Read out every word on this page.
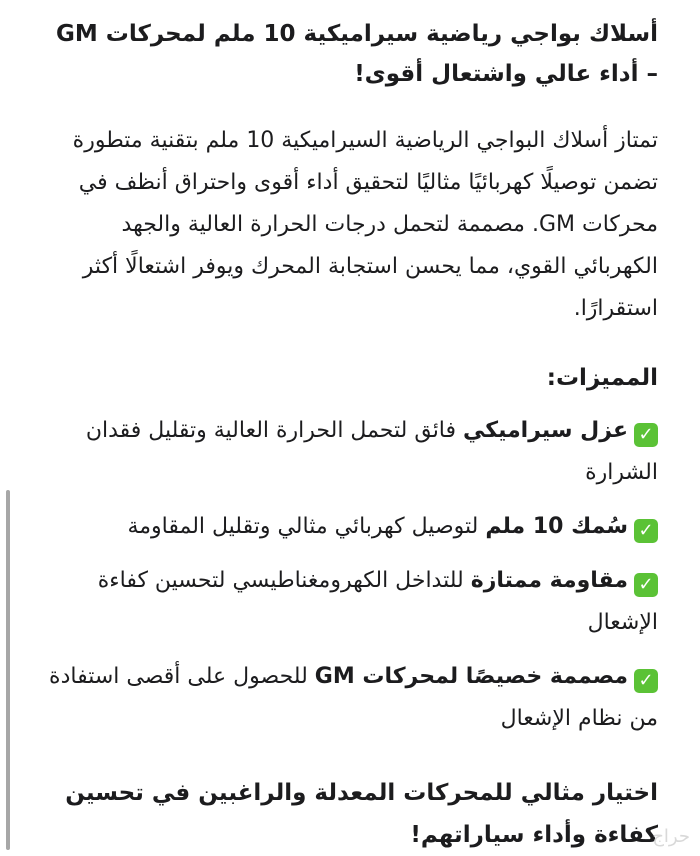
أسلاك بواجي رياضية سيراميكية 10 ملم لمحركات GM – أداء عالي واشتعال أقوى!
تمتاز أسلاك البواجي الرياضية السيراميكية 10 ملم بتقنية متطورة تضمن توصيلًا كهربائيًا مثاليًا لتحقيق أداء أقوى واحتراق أنظف في محركات GM. مصممة لتحمل درجات الحرارة العالية والجهد الكهربائي القوي، مما يحسن استجابة المحرك ويوفر اشتعالًا أكثر استقرارًا.
المميزات:
✓عزل سيراميكي فائق لتحمل الحرارة العالية وتقليل فقدان الشرارة
✓سُمك 10 ملم لتوصيل كهربائي مثالي وتقليل المقاومة
✓مقاومة ممتازة للتداخل الكهرومغناطيسي لتحسين كفاءة الإشعال
✓مصممة خصيصًا لمحركات GM للحصول على أقصى استفادة من نظام الإشعال
اختيار مثالي للمحركات المعدلة والراغبين في تحسين كفاءة وأداء سياراتهم!
حراج
